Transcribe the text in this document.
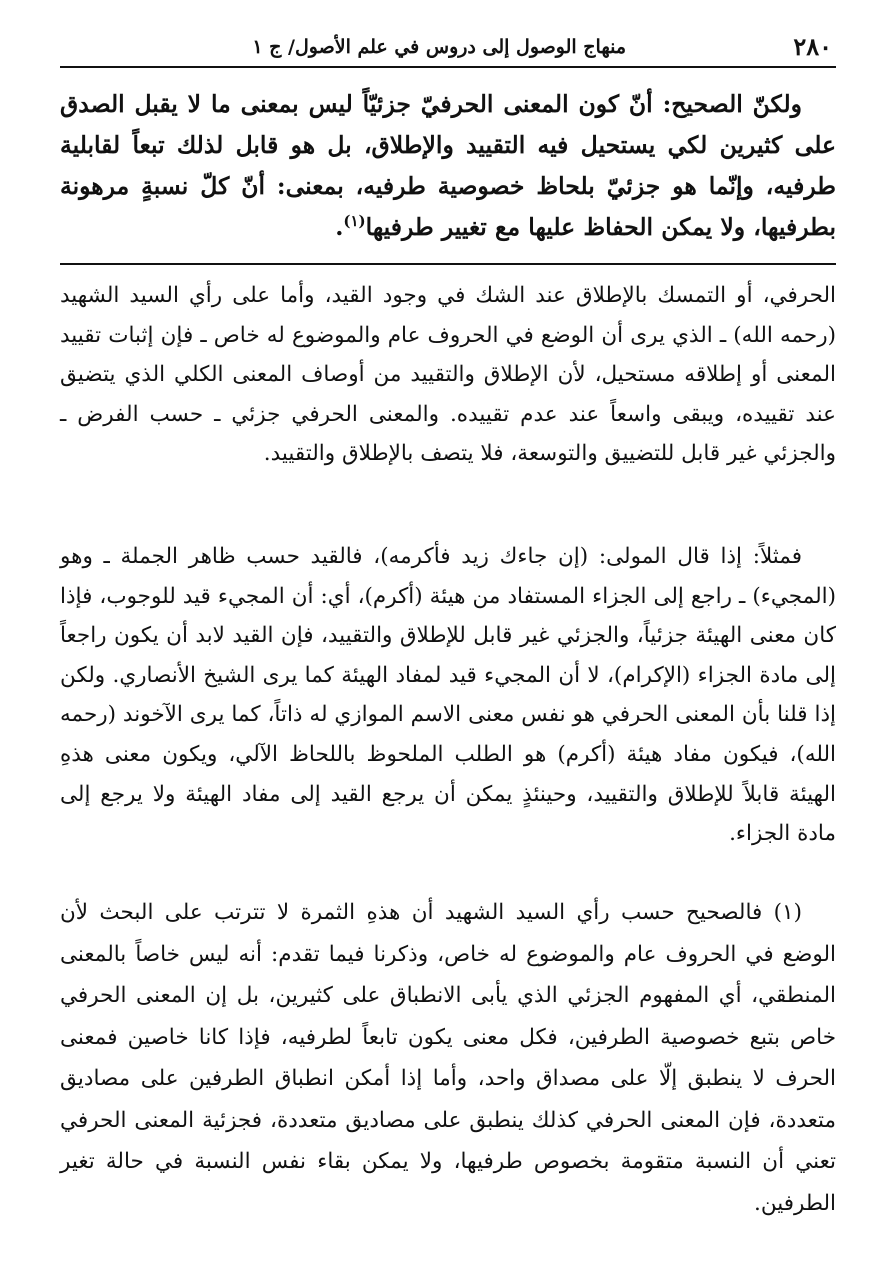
٢٨٠
منهاج الوصول إلى دروس في علم الأصول/ ج ١
ولكنّ الصحيح: أنّ كون المعنى الحرفيّ جزئيّاً ليس بمعنى ما لا يقبل الصدق على كثيرين لكي يستحيل فيه التقييد والإطلاق، بل هو قابل لذلك تبعاً لقابلية طرفيه، وإنّما هو جزئيّ بلحاظ خصوصية طرفيه، بمعنى: أنّ كلّ نسبةٍ مرهونة بطرفيها، ولا يمكن الحفاظ عليها مع تغيير طرفيها$^{(١)}$.
الحرفي، أو التمسك بالإطلاق عند الشك في وجود القيد، وأما على رأي السيد الشهيد (رحمه الله) ـ الذي يرى أن الوضع في الحروف عام والموضوع له خاص ـ فإن إثبات تقييد المعنى أو إطلاقه مستحيل، لأن الإطلاق والتقييد من أوصاف المعنى الكلي الذي يتضيق عند تقييده، ويبقى واسعاً عند عدم تقييده. والمعنى الحرفي جزئي ـ حسب الفرض ـ والجزئي غير قابل للتضييق والتوسعة، فلا يتصف بالإطلاق والتقييد.
فمثلاً: إذا قال المولى: (إن جاءك زيد فأكرمه)، فالقيد حسب ظاهر الجملة ـ وهو (المجيء) ـ راجع إلى الجزاء المستفاد من هيئة (أكرم)، أي: أن المجيء قيد للوجوب، فإذا كان معنى الهيئة جزئياً، والجزئي غير قابل للإطلاق والتقييد، فإن القيد لابد أن يكون راجعاً إلى مادة الجزاء (الإكرام)، لا أن المجيء قيد لمفاد الهيئة كما يرى الشيخ الأنصاري. ولكن إذا قلنا بأن المعنى الحرفي هو نفس معنى الاسم الموازي له ذاتاً، كما يرى الآخوند (رحمه الله)، فيكون مفاد هيئة (أكرم) هو الطلب الملحوظ باللحاظ الآلي، ويكون معنى هذهِ الهيئة قابلاً للإطلاق والتقييد، وحينئذٍ يمكن أن يرجع القيد إلى مفاد الهيئة ولا يرجع إلى مادة الجزاء.
(١) فالصحيح حسب رأي السيد الشهيد أن هذهِ الثمرة لا تترتب على البحث لأن الوضع في الحروف عام والموضوع له خاص، وذكرنا فيما تقدم: أنه ليس خاصاً بالمعنى المنطقي، أي المفهوم الجزئي الذي يأبى الانطباق على كثيرين، بل إن المعنى الحرفي خاص بتبع خصوصية الطرفين، فكل معنى يكون تابعاً لطرفيه، فإذا كانا خاصين فمعنى الحرف لا ينطبق إلّا على مصداق واحد، وأما إذا أمكن انطباق الطرفين على مصاديق متعددة، فإن المعنى الحرفي كذلك ينطبق على مصاديق متعددة، فجزئية المعنى الحرفي تعني أن النسبة متقومة بخصوص طرفيها، ولا يمكن بقاء نفس النسبة في حالة تغير الطرفين.
